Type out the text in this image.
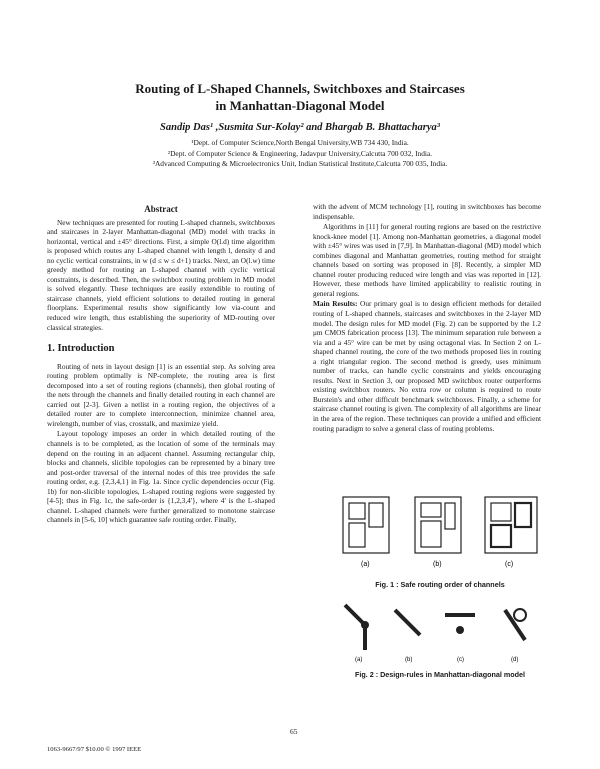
Routing of L-Shaped Channels, Switchboxes and Staircases
in Manhattan-Diagonal Model
Sandip Das¹ ,Susmita Sur-Kolay² and Bhargab B. Bhattacharya³
¹Dept. of Computer Science,North Bengal University,WB 734 430, India.
²Dept. of Computer Science & Engineering, Jadavpur University,Calcutta 700 032, India.
³Advanced Computing & Microelectronics Unit, Indian Statistical Institute,Calcutta 700 035, India.
Abstract

New techniques are presented for routing L-shaped channels, switchboxes and staircases in 2-layer Manhattan-diagonal (MD) model with tracks in horizontal, vertical and ±45° directions. First, a simple O(l.d) time algorithm is proposed which routes any L-shaped channel with length l, density d and no cyclic vertical constraints, in w (d ≤ w ≤ d+1) tracks. Next, an O(l.w) time greedy method for routing an L-shaped channel with cyclic vertical constraints, is described. Then, the switchbox routing problem in MD model is solved elegantly. These techniques are easily extendible to routing of staircase channels, yield efficient solutions to detailed routing in general floorplans. Experimental results show significantly low via-count and reduced wire length, thus establishing the superiority of MD-routing over classical strategies.

1. Introduction

Routing of nets in layout design [1] is an essential step. As solving area routing problem optimally is NP-complete, the routing area is first decomposed into a set of routing regions (channels), then global routing of the nets through the channels and finally detailed routing in each channel are carried out [2-3]. Given a netlist in a routing region, the objectives of a detailed router are to complete interconnection, minimize channel area, wirelength, number of vias, crosstalk, and maximize yield.

Layout topology imposes an order in which detailed routing of the channels is to be completed, as the location of some of the terminals may depend on the routing in an adjacent channel. Assuming rectangular chip, blocks and channels, slicible topologies can be represented by a binary tree and post-order traversal of the internal nodes of this tree provides the safe routing order, e.g. {2,3,4,1} in Fig. 1a. Since cyclic dependencies occur (Fig. 1b) for non-slicible topologies, L-shaped routing regions were suggested by [4-5]; thus in Fig. 1c, the safe-order is {1,2,3,4'}, where 4' is the L-shaped channel. L-shaped channels were further generalized to monotone staircase channels in [5-6, 10] which guarantee safe routing order. Finally,

with the advent of MCM technology [1], routing in switchboxes has become indispensable.

Algorithms in [11] for general routing regions are based on the restrictive knock-knee model [1]. Among non-Manhattan geometries, a diagonal model with ±45° wires was used in [7,9]. In Manhattan-diagonal (MD) model which combines diagonal and Manhattan geometries, routing method for straight channels based on sorting was proposed in [8]. Recently, a simpler MD channel router producing reduced wire length and vias was reported in [12]. However, these methods have limited applicability to realistic routing in general regions.

Main Results: Our primary goal is to design efficient methods for detailed routing of L-shaped channels, staircases and switchboxes in the 2-layer MD model. The design rules for MD model (Fig. 2) can be supported by the 1.2 μm CMOS fabrication process [13]. The minimum separation rule between a via and a 45° wire can be met by using octagonal vias. In Section 2 on L-shaped channel routing, the core of the two methods proposed lies in routing a right triangular region. The second method is greedy, uses minimum number of tracks, can handle cyclic constraints and yields encouraging results. Next in Section 3, our proposed MD switchbox router outperforms existing switchbox routers. No extra row or column is required to route Burstein's and other difficult benchmark switchboxes. Finally, a scheme for staircase channel routing is given. The complexity of all algorithms are linear in the area of the region. These techniques can provide a unified and efficient routing paradigm to solve a general class of routing problems.

(a)	(b)	(c)
Fig. 1 : Safe routing order of channels
(a)	(b)	(c)	(d)
Fig. 2 : Design-rules in Manhattan-diagonal model
65
1063-9667/97 $10.00 © 1997 IEEE
